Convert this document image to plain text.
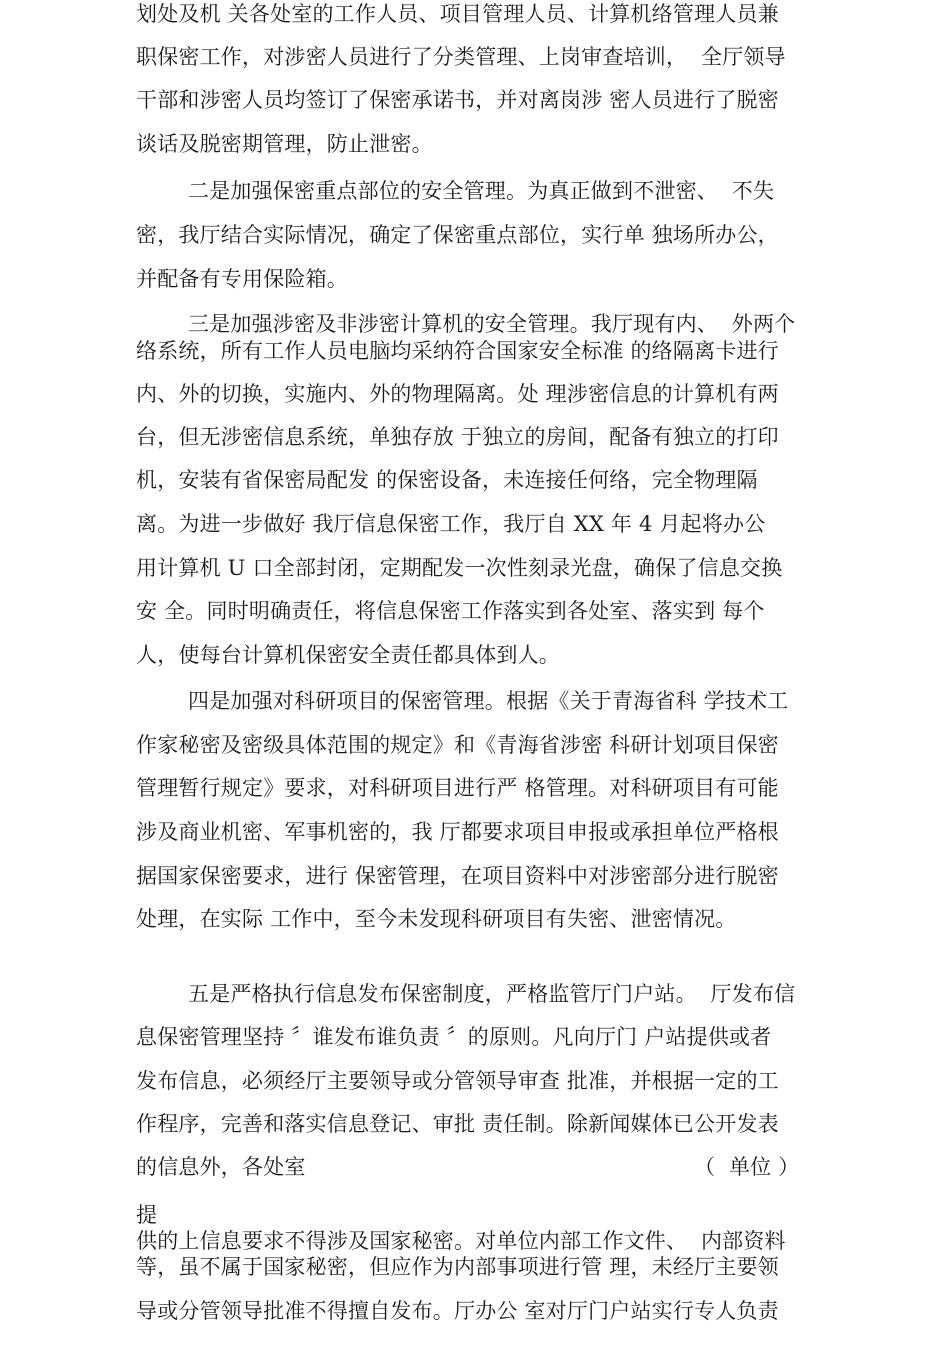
划处及机 关各处室的工作人员、项目管理人员、计算机络管理人员兼

职保密工作，对涉密人员进行了分类管理、上岗审查培训，  全厅领导

干部和涉密人员均签订了保密承诺书，并对离岗涉 密人员进行了脱密

谈话及脱密期管理，防止泄密。

二是加强保密重点部位的安全管理。为真正做到不泄密、  不失

密，我厅结合实际情况，确定了保密重点部位，实行单 独场所办公，

并配备有专用保险箱。

三是加强涉密及非涉密计算机的安全管理。我厅现有内、  外两个

络系统，所有工作人员电脑均采纳符合国家安全标准 的络隔离卡进行

内、外的切换，实施内、外的物理隔离。处 理涉密信息的计算机有两

台，但无涉密信息系统，单独存放 于独立的房间，配备有独立的打印

机，安装有省保密局配发 的保密设备，未连接任何络，完全物理隔

离。为进一步做好 我厅信息保密工作，我厅自 XX 年 4 月起将办公

用计算机 U 口全部封闭，定期配发一次性刻录光盘，确保了信息交换

安 全。同时明确责任，将信息保密工作落实到各处室、落实到 每个

人，使每台计算机保密安全责任都具体到人。

四是加强对科研项目的保密管理。根据《关于青海省科 学技术工

作家秘密及密级具体范围的规定》和《青海省涉密 科研计划项目保密

管理暂行规定》要求，对科研项目进行严 格管理。对科研项目有可能

涉及商业机密、军事机密的，我 厅都要求项目申报或承担单位严格根

据国家保密要求，进行 保密管理，在项目资料中对涉密部分进行脱密

处理，在实际 工作中，至今未发现科研项目有失密、泄密情况。

五是严格执行信息发布保密制度，严格监管厅门户站。  厅发布信

息保密管理坚持 〞谁发布谁负责 〞的原则。凡向厅门 户站提供或者

发布信息，必须经厅主要领导或分管领导审查 批准，并根据一定的工

作程序，完善和落实信息登记、审批 责任制。除新闻媒体已公开发表

的信息外，各处室	（  单位 ）

提

供的上信息要求不得涉及国家秘密。对单位内部工作文件、  内部资料

等，虽不属于国家秘密，但应作为内部事项进行管 理，未经厅主要领

导或分管领导批准不得擅自发布。厅办公 室对厅门户站实行专人负责
